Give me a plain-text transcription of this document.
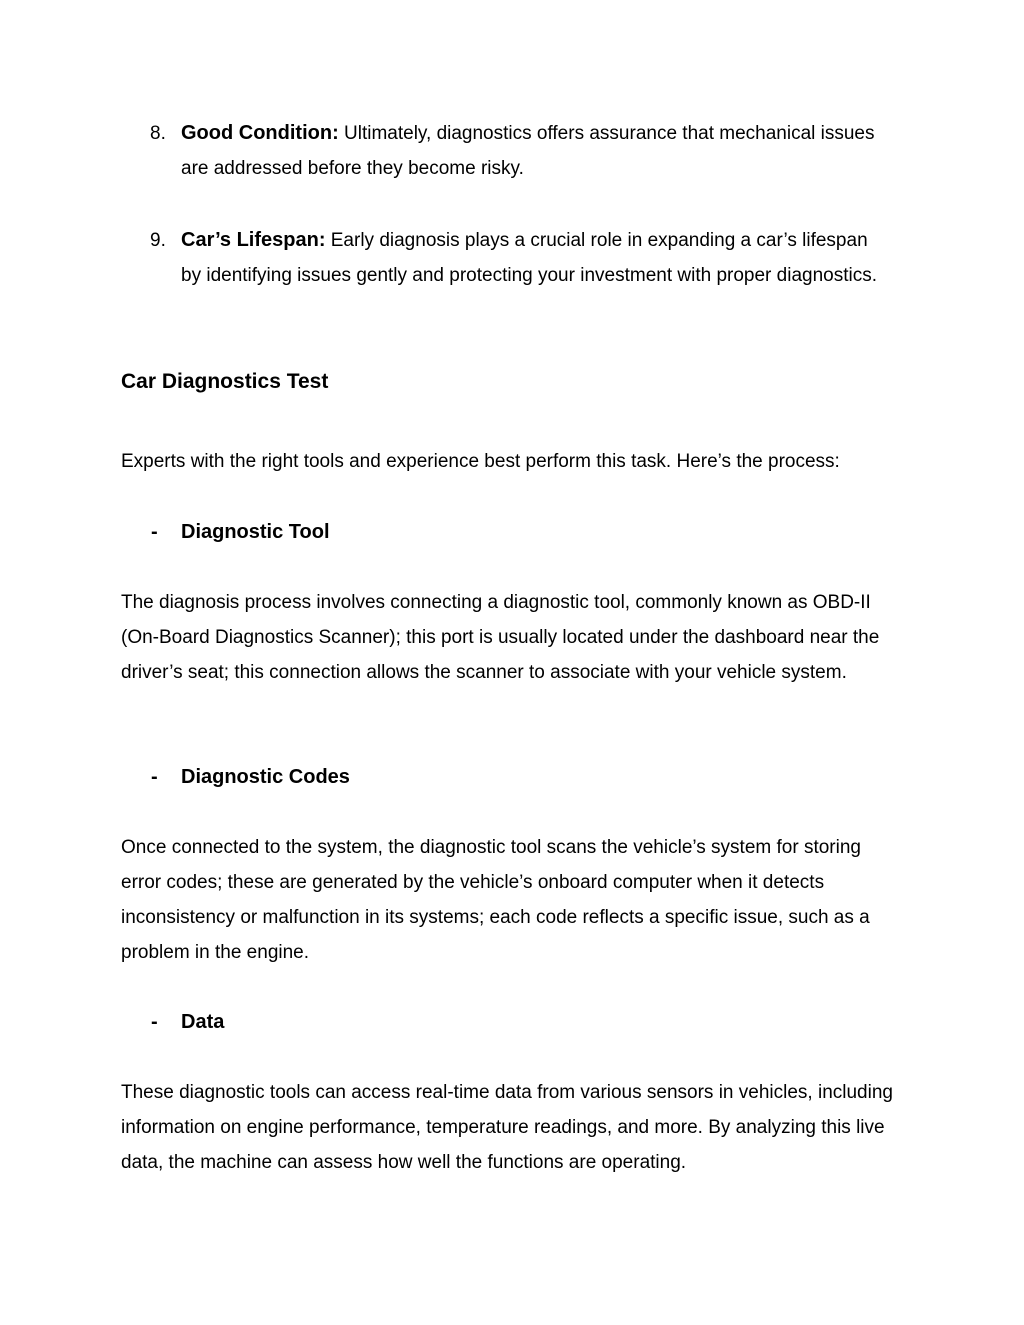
8. Good Condition: Ultimately, diagnostics offers assurance that mechanical issues are addressed before they become risky.
9. Car’s Lifespan: Early diagnosis plays a crucial role in expanding a car’s lifespan by identifying issues gently and protecting your investment with proper diagnostics.
Car Diagnostics Test

Experts with the right tools and experience best perform this task. Here’s the process:

- Diagnostic Tool

The diagnosis process involves connecting a diagnostic tool, commonly known as OBD-II (On-Board Diagnostics Scanner); this port is usually located under the dashboard near the driver’s seat; this connection allows the scanner to associate with your vehicle system.

- Diagnostic Codes

Once connected to the system, the diagnostic tool scans the vehicle’s system for storing error codes; these are generated by the vehicle’s onboard computer when it detects inconsistency or malfunction in its systems; each code reflects a specific issue, such as a problem in the engine.

- Data

These diagnostic tools can access real-time data from various sensors in vehicles, including information on engine performance, temperature readings, and more. By analyzing this live data, the machine can assess how well the functions are operating.
